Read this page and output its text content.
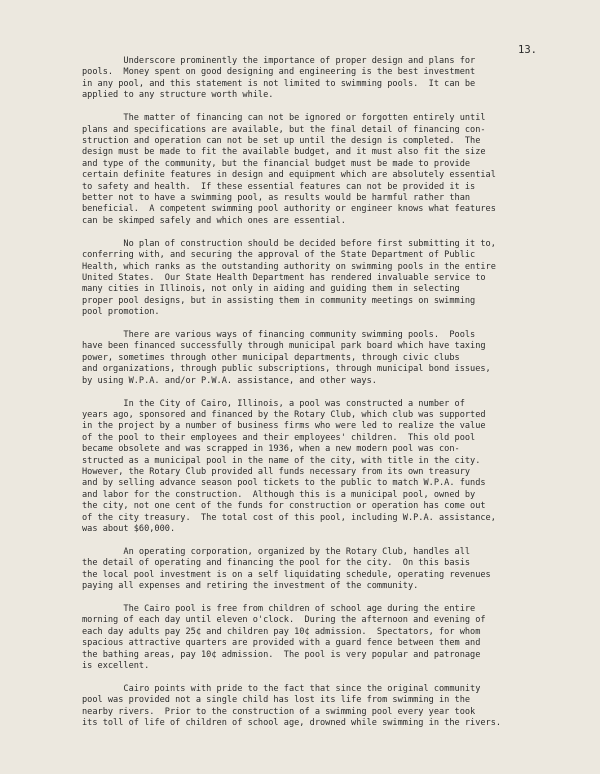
13.
Underscore prominently the importance of proper design and plans for
pools.  Money spent on good designing and engineering is the best investment
in any pool, and this statement is not limited to swimming pools.  It can be
applied to any structure worth while.
The matter of financing can not be ignored or forgotten entirely until
plans and specifications are available, but the final detail of financing con-
struction and operation can not be set up until the design is completed.  The
design must be made to fit the available budget, and it must also fit the size
and type of the community, but the financial budget must be made to provide
certain definite features in design and equipment which are absolutely essential
to safety and health.  If these essential features can not be provided it is
better not to have a swimming pool, as results would be harmful rather than
beneficial.  A competent swimming pool authority or engineer knows what features
can be skimped safely and which ones are essential.
No plan of construction should be decided before first submitting it to,
conferring with, and securing the approval of the State Department of Public
Health, which ranks as the outstanding authority on swimming pools in the entire
United States.  Our State Health Department has rendered invaluable service to
many cities in Illinois, not only in aiding and guiding them in selecting
proper pool designs, but in assisting them in community meetings on swimming
pool promotion.
There are various ways of financing community swimming pools.  Pools
have been financed successfully through municipal park board which have taxing
power, sometimes through other municipal departments, through civic clubs
and organizations, through public subscriptions, through municipal bond issues,
by using W.P.A. and/or P.W.A. assistance, and other ways.
In the City of Cairo, Illinois, a pool was constructed a number of
years ago, sponsored and financed by the Rotary Club, which club was supported
in the project by a number of business firms who were led to realize the value
of the pool to their employees and their employees' children.  This old pool
became obsolete and was scrapped in 1936, when a new modern pool was con-
structed as a municipal pool in the name of the city, with title in the city.
However, the Rotary Club provided all funds necessary from its own treasury
and by selling advance season pool tickets to the public to match W.P.A. funds
and labor for the construction.  Although this is a municipal pool, owned by
the city, not one cent of the funds for construction or operation has come out
of the city treasury.  The total cost of this pool, including W.P.A. assistance,
was about $60,000.
An operating corporation, organized by the Rotary Club, handles all
the detail of operating and financing the pool for the city.  On this basis
the local pool investment is on a self liquidating schedule, operating revenues
paying all expenses and retiring the investment of the community.
The Cairo pool is free from children of school age during the entire
morning of each day until eleven o'clock.  During the afternoon and evening of
each day adults pay 25¢ and children pay 10¢ admission.  Spectators, for whom
spacious attractive quarters are provided with a guard fence between them and
the bathing areas, pay 10¢ admission.  The pool is very popular and patronage
is excellent.
Cairo points with pride to the fact that since the original community
pool was provided not a single child has lost its life from swimming in the
nearby rivers.  Prior to the construction of a swimming pool every year took
its toll of life of children of school age, drowned while swimming in the rivers.
